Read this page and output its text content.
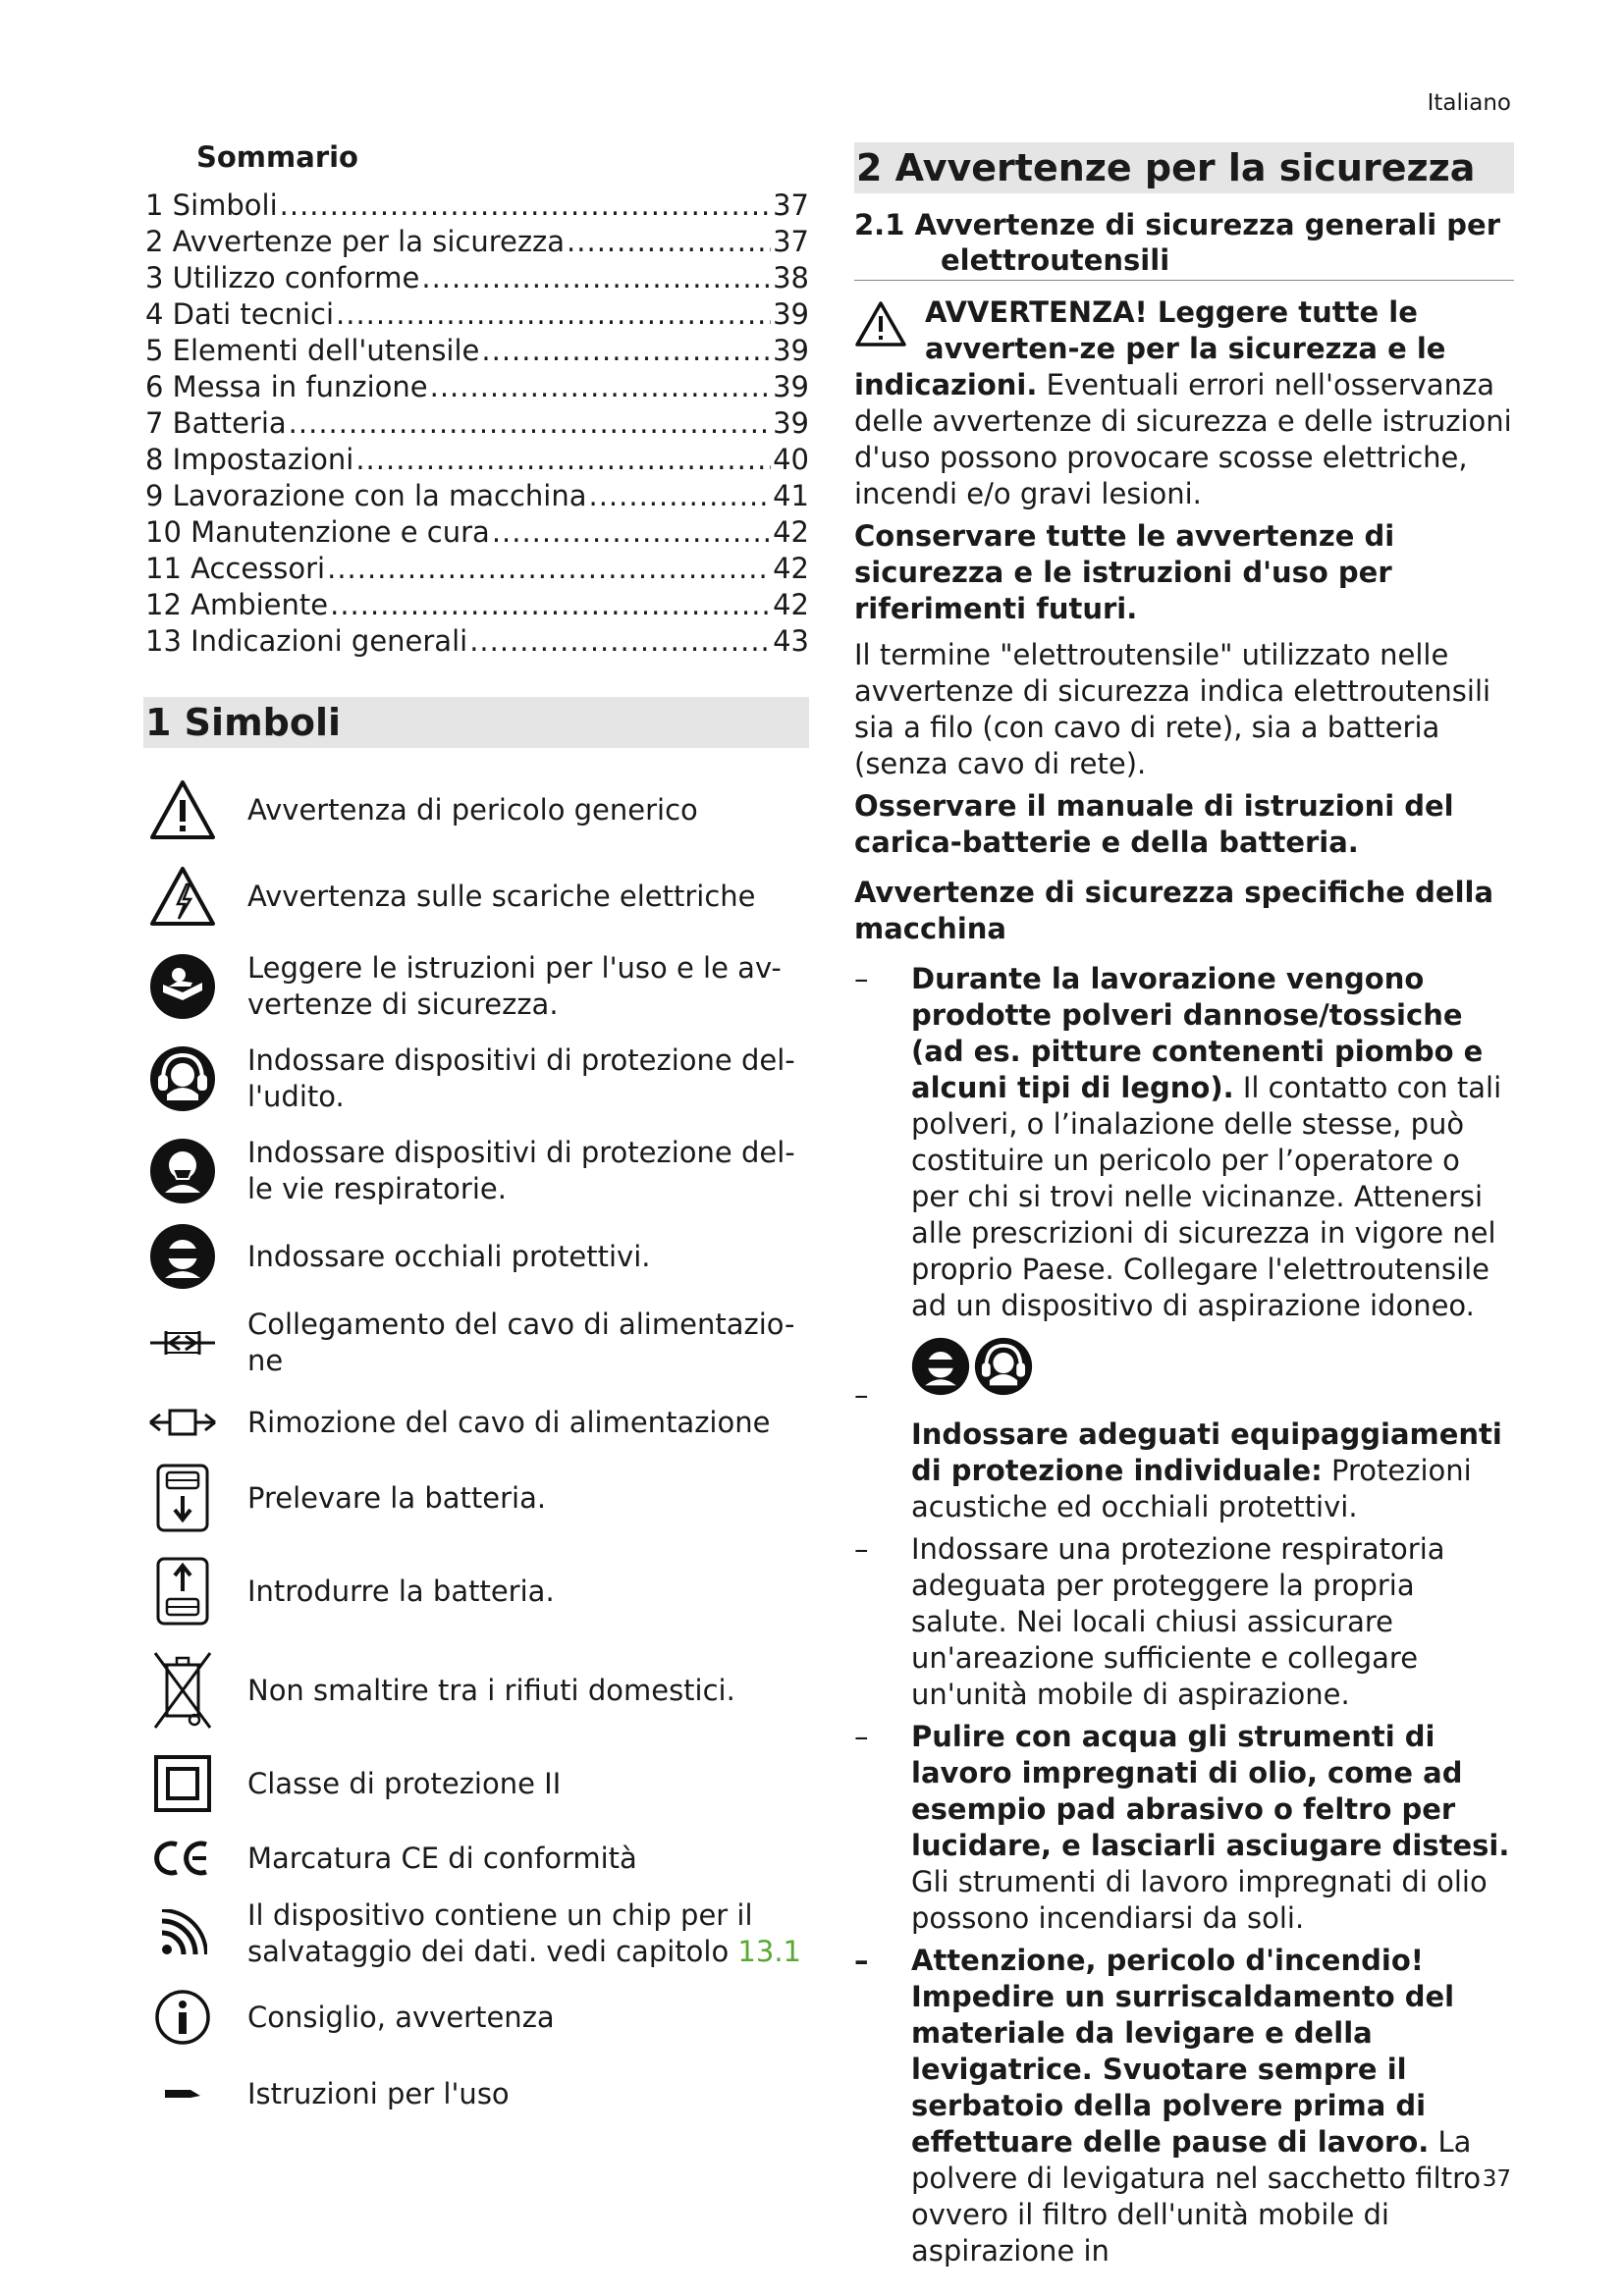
Italiano
Sommario
1 Simboli .....	37
2 Avvertenze per la sicurezza .....	37
3 Utilizzo conforme .....	38
4 Dati tecnici .....	39
5 Elementi dell'utensile .....	39
6 Messa in funzione .....	39
7 Batteria .....	39
8 Impostazioni .....	40
9 Lavorazione con la macchina .....	41
10 Manutenzione e cura .....	42
11 Accessori .....	42
12 Ambiente .....	42
13 Indicazioni generali .....	43
1 Simboli
Avvertenza di pericolo generico
Avvertenza sulle scariche elettriche
Leggere le istruzioni per l'uso e le av-vertenze di sicurezza.
Indossare dispositivi di protezione del-l'udito.
Indossare dispositivi di protezione del-le vie respiratorie.
Indossare occhiali protettivi.
Collegamento del cavo di alimentazio-ne
Rimozione del cavo di alimentazione
Prelevare la batteria.
Introdurre la batteria.
Non smaltire tra i rifiuti domestici.
Classe di protezione II
Marcatura CE di conformità
Il dispositivo contiene un chip per il salvataggio dei dati. vedi capitolo 13.1
Consiglio, avvertenza
Istruzioni per l'uso
2 Avvertenze per la sicurezza
2.1 Avvertenze di sicurezza generali per
elettroutensili
AVVERTENZA! Leggere tutte le avverten-ze per la sicurezza e le indicazioni. Eventuali errori nell'osservanza delle avvertenze di sicurezza e delle istruzioni d'uso possono provocare scosse elettriche, incendi e/o gravi lesioni.

Conservare tutte le avvertenze di sicurezza e le istruzioni d'uso per riferimenti futuri.

Il termine "elettroutensile" utilizzato nelle avvertenze di sicurezza indica elettroutensili sia a filo (con cavo di rete), sia a batteria (senza cavo di rete).

Osservare il manuale di istruzioni del carica-batterie e della batteria.

Avvertenze di sicurezza specifiche della macchina

– Durante la lavorazione vengono prodotte polveri dannose/tossiche (ad es. pitture contenenti piombo e alcuni tipi di legno). Il contatto con tali polveri, o l’inalazione delle stesse, può costituire un pericolo per l’operatore o per chi si trovi nelle vicinanze. Attenersi alle prescrizioni di sicurezza in vigore nel proprio Paese. Collegare l'elettroutensile ad un dispositivo di aspirazione idoneo.
–
Indossare adeguati equipaggiamenti di protezione individuale: Protezioni acustiche ed occhiali protettivi.
– Indossare una protezione respiratoria adeguata per proteggere la propria salute. Nei locali chiusi assicurare un'areazione sufficiente e collegare un'unità mobile di aspirazione.
– Pulire con acqua gli strumenti di lavoro impregnati di olio, come ad esempio pad abrasivo o feltro per lucidare, e lasciarli asciugare distesi. Gli strumenti di lavoro impregnati di olio possono incendiarsi da soli.
– Attenzione, pericolo d'incendio! Impedire un surriscaldamento del materiale da levigare e della levigatrice. Svuotare sempre il serbatoio della polvere prima di effettuare delle pause di lavoro. La polvere di levigatura nel sacchetto filtro ovvero il filtro dell'unità mobile di aspirazione in
37
